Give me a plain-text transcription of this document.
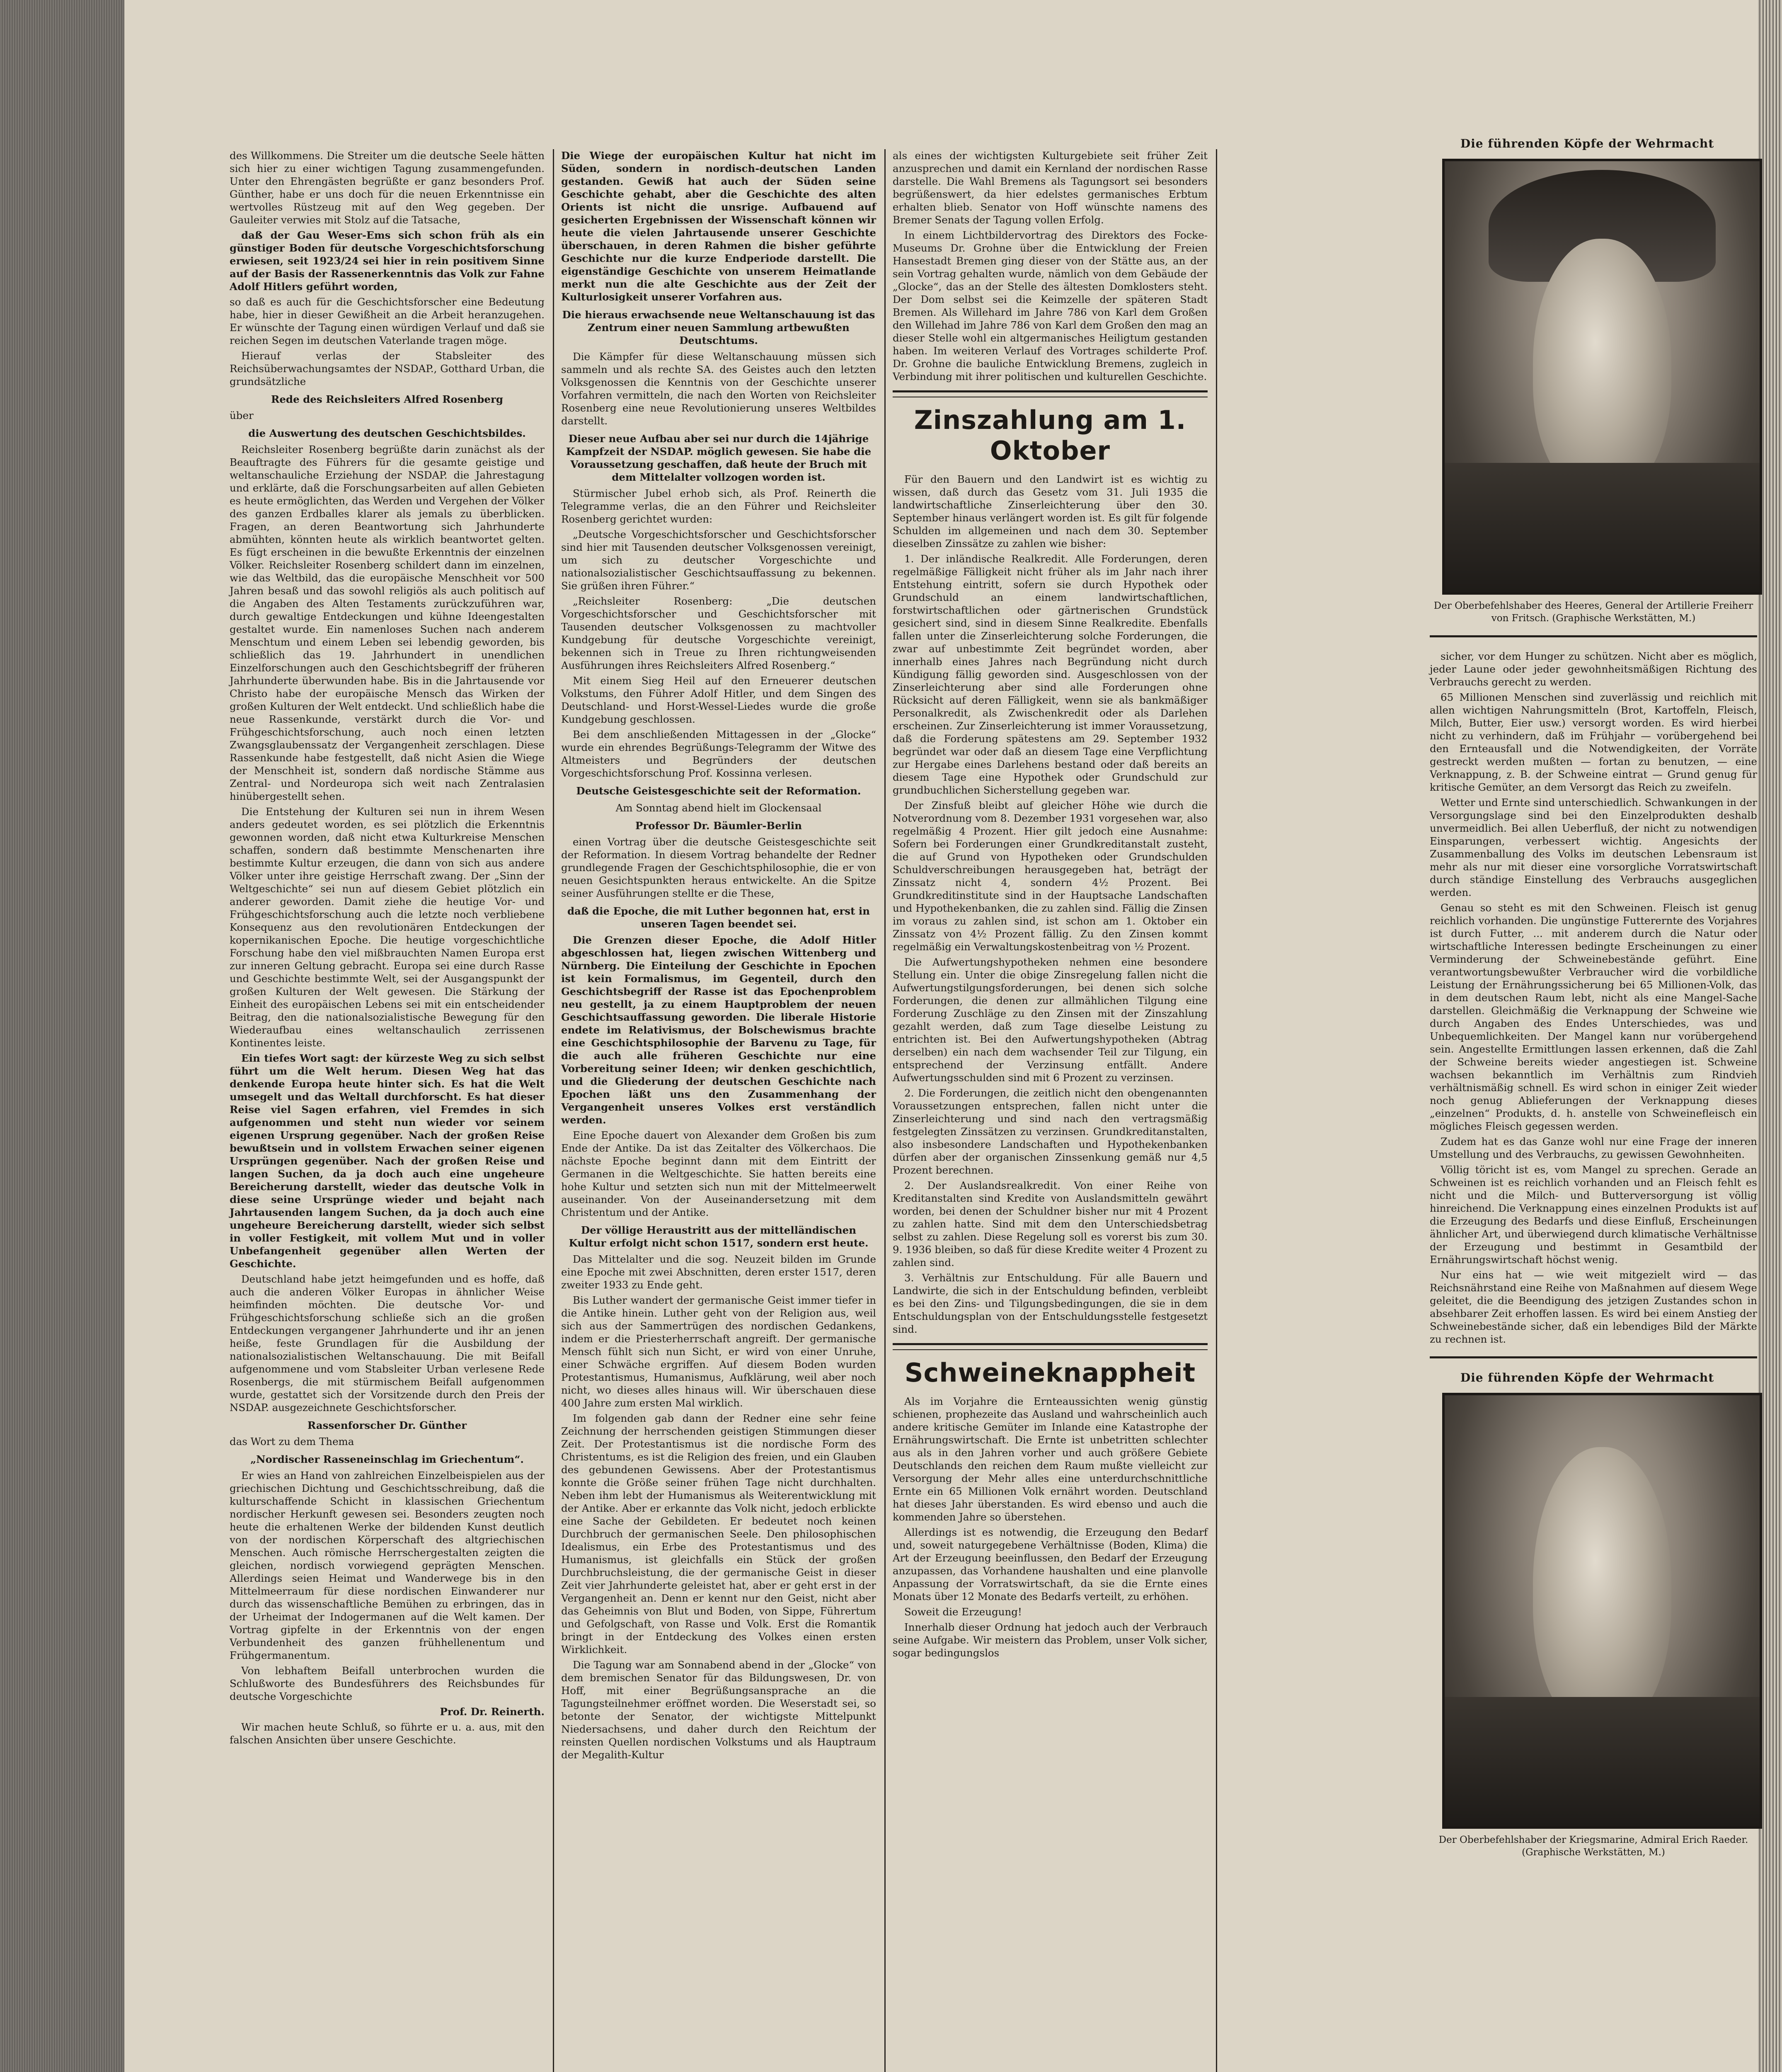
des Willkommens. Die Streiter um die deutsche Seele hätten sich hier zu einer wichtigen Tagung zusammengefunden. Unter den Ehrengästen begrüßte er ganz besonders Prof. Günther, habe er uns doch für die neuen Erkenntnisse ein wertvolles Rüstzeug mit auf den Weg gegeben. Der Gauleiter verwies mit Stolz auf die Tatsache,

daß der Gau Weser-Ems sich schon früh als ein günstiger Boden für deutsche Vorgeschichtsforschung erwiesen, seit 1923/24 sei hier in rein positivem Sinne auf der Basis der Rassenerkenntnis das Volk zur Fahne Adolf Hitlers geführt worden,

so daß es auch für die Geschichtsforscher eine Bedeutung habe, hier in dieser Gewißheit an die Arbeit heranzugehen. Er wünschte der Tagung einen würdigen Verlauf und daß sie reichen Segen im deutschen Vaterlande tragen möge.

Hierauf verlas der Stabsleiter des Reichsüberwachungsamtes der NSDAP., Gotthard Urban, die grundsätzliche

Rede des Reichsleiters Alfred Rosenberg

über

die Auswertung des deutschen Geschichtsbildes.

Reichsleiter Rosenberg begrüßte darin zunächst als der Beauftragte des Führers für die gesamte geistige und weltanschauliche Erziehung der NSDAP. die Jahrestagung und erklärte, daß die Forschungsarbeiten auf allen Gebieten es heute ermöglichten, das Werden und Vergehen der Völker des ganzen Erdballes klarer als jemals zu überblicken. Fragen, an deren Beantwortung sich Jahrhunderte abmühten, könnten heute als wirklich beantwortet gelten. Es fügt erscheinen in die bewußte Erkenntnis der einzelnen Völker. Reichsleiter Rosenberg schildert dann im einzelnen, wie das Weltbild, das die europäische Menschheit vor 500 Jahren besaß und das sowohl religiös als auch politisch auf die Angaben des Alten Testaments zurückzuführen war, durch gewaltige Entdeckungen und kühne Ideengestalten gestaltet wurde. Ein namenloses Suchen nach anderem Menschtum und einem Leben sei lebendig geworden, bis schließlich das 19. Jahrhundert in unendlichen Einzelforschungen auch den Geschichtsbegriff der früheren Jahrhunderte überwunden habe. Bis in die Jahrtausende vor Christo habe der europäische Mensch das Wirken der großen Kulturen der Welt entdeckt. Und schließlich habe die neue Rassenkunde, verstärkt durch die Vor- und Frühgeschichtsforschung, auch noch einen letzten Zwangsglaubenssatz der Vergangenheit zerschlagen. Diese Rassenkunde habe festgestellt, daß nicht Asien die Wiege der Menschheit ist, sondern daß nordische Stämme aus Zentral- und Nordeuropa sich weit nach Zentralasien hinübergestellt sehen.

Die Entstehung der Kulturen sei nun in ihrem Wesen anders gedeutet worden, es sei plötzlich die Erkenntnis gewonnen worden, daß nicht etwa Kulturkreise Menschen schaffen, sondern daß bestimmte Menschenarten ihre bestimmte Kultur erzeugen, die dann von sich aus andere Völker unter ihre geistige Herrschaft zwang. Der „Sinn der Weltgeschichte“ sei nun auf diesem Gebiet plötzlich ein anderer geworden. Damit ziehe die heutige Vor- und Frühgeschichtsforschung auch die letzte noch verbliebene Konsequenz aus den revolutionären Entdeckungen der kopernikanischen Epoche. Die heutige vorgeschichtliche Forschung habe den viel mißbrauchten Namen Europa erst zur inneren Geltung gebracht. Europa sei eine durch Rasse und Geschichte bestimmte Welt, sei der Ausgangspunkt der großen Kulturen der Welt gewesen. Die Stärkung der Einheit des europäischen Lebens sei mit ein entscheidender Beitrag, den die nationalsozialistische Bewegung für den Wiederaufbau eines weltanschaulich zerrissenen Kontinentes leiste.

Ein tiefes Wort sagt: der kürzeste Weg zu sich selbst führt um die Welt herum. Diesen Weg hat das denkende Europa heute hinter sich. Es hat die Welt umsegelt und das Weltall durchforscht. Es hat dieser Reise viel Sagen erfahren, viel Fremdes in sich aufgenommen und steht nun wieder vor seinem eigenen Ursprung gegenüber. Nach der großen Reise bewußtsein und in vollstem Erwachen seiner eigenen Ursprüngen gegenüber. Nach der großen Reise und langen Suchen, da ja doch auch eine ungeheure Bereicherung darstellt, wieder das deutsche Volk in diese seine Ursprünge wieder und bejaht nach Jahrtausenden langem Suchen, da ja doch auch eine ungeheure Bereicherung darstellt, wieder sich selbst in voller Festigkeit, mit vollem Mut und in voller Unbefangenheit gegenüber allen Werten der Geschichte.

Deutschland habe jetzt heimgefunden und es hoffe, daß auch die anderen Völker Europas in ähnlicher Weise heimfinden möchten. Die deutsche Vor- und Frühgeschichtsforschung schließe sich an die großen Entdeckungen vergangener Jahrhunderte und ihr an jenen heiße, feste Grundlagen für die Ausbildung der nationalsozialistischen Weltanschauung. Die mit Beifall aufgenommene und vom Stabsleiter Urban verlesene Rede Rosenbergs, die mit stürmischem Beifall aufgenommen wurde, gestattet sich der Vorsitzende durch den Preis der NSDAP. ausgezeichnete Geschichtsforscher.

Rassenforscher Dr. Günther

das Wort zu dem Thema

„Nordischer Rasseneinschlag im Griechentum“.

Er wies an Hand von zahlreichen Einzelbeispielen aus der griechischen Dichtung und Geschichtsschreibung, daß die kulturschaffende Schicht in klassischen Griechentum nordischer Herkunft gewesen sei. Besonders zeugten noch heute die erhaltenen Werke der bildenden Kunst deutlich von der nordischen Körperschaft des altgriechischen Menschen. Auch römische Herrschergestalten zeigten die gleichen, nordisch vorwiegend geprägten Menschen. Allerdings seien Heimat und Wanderwege bis in den Mittelmeerraum für diese nordischen Einwanderer nur durch das wissenschaftliche Bemühen zu erbringen, das in der Urheimat der Indogermanen auf die Welt kamen. Der Vortrag gipfelte in der Erkenntnis von der engen Verbundenheit des ganzen frühhellenentum und Frühgermanentum.

Von lebhaftem Beifall unterbrochen wurden die Schlußworte des Bundesführers des Reichsbundes für deutsche Vorgeschichte

Prof. Dr. Reinerth.

Wir machen heute Schluß, so führte er u. a. aus, mit den falschen Ansichten über unsere Geschichte.

Die Wiege der europäischen Kultur hat nicht im Süden, sondern in nordisch-deutschen Landen gestanden. Gewiß hat auch der Süden seine Geschichte gehabt, aber die Geschichte des alten Orients ist nicht die unsrige. Aufbauend auf gesicherten Ergebnissen der Wissenschaft können wir heute die vielen Jahrtausende unserer Geschichte überschauen, in deren Rahmen die bisher geführte Geschichte nur die kurze Endperiode darstellt. Die eigenständige Geschichte von unserem Heimatlande merkt nun die alte Geschichte aus der Zeit der Kulturlosigkeit unserer Vorfahren aus.

Die hieraus erwachsende neue Weltanschauung ist das Zentrum einer neuen Sammlung artbewußten Deutschtums.

Die Kämpfer für diese Weltanschauung müssen sich sammeln und als rechte SA. des Geistes auch den letzten Volksgenossen die Kenntnis von der Geschichte unserer Vorfahren vermitteln, die nach den Worten von Reichsleiter Rosenberg eine neue Revolutionierung unseres Weltbildes darstellt.

Dieser neue Aufbau aber sei nur durch die 14jährige Kampfzeit der NSDAP. möglich gewesen. Sie habe die Voraussetzung geschaffen, daß heute der Bruch mit dem Mittelalter vollzogen worden ist.

Stürmischer Jubel erhob sich, als Prof. Reinerth die Telegramme verlas, die an den Führer und Reichsleiter Rosenberg gerichtet wurden:

„Deutsche Vorgeschichtsforscher und Geschichtsforscher sind hier mit Tausenden deutscher Volksgenossen vereinigt, um sich zu deutscher Vorgeschichte und nationalsozialistischer Geschichtsauffassung zu bekennen. Sie grüßen ihren Führer.“

„Reichsleiter Rosenberg: „Die deutschen Vorgeschichtsforscher und Geschichtsforscher mit Tausenden deutscher Volksgenossen zu machtvoller Kundgebung für deutsche Vorgeschichte vereinigt, bekennen sich in Treue zu Ihren richtungweisenden Ausführungen ihres Reichsleiters Alfred Rosenberg.“

Mit einem Sieg Heil auf den Erneuerer deutschen Volkstums, den Führer Adolf Hitler, und dem Singen des Deutschland- und Horst-Wessel-Liedes wurde die große Kundgebung geschlossen.

Bei dem anschließenden Mittagessen in der „Glocke“ wurde ein ehrendes Begrüßungs-Telegramm der Witwe des Altmeisters und Begründers der deutschen Vorgeschichtsforschung Prof. Kossinna verlesen.

Deutsche Geistesgeschichte seit der Reformation.

Am Sonntag abend hielt im Glockensaal

Professor Dr. Bäumler-Berlin

einen Vortrag über die deutsche Geistesgeschichte seit der Reformation. In diesem Vortrag behandelte der Redner grundlegende Fragen der Geschichtsphilosophie, die er von neuen Gesichtspunkten heraus entwickelte. An die Spitze seiner Ausführungen stellte er die These,

daß die Epoche, die mit Luther begonnen hat, erst in unseren Tagen beendet sei.

Die Grenzen dieser Epoche, die Adolf Hitler abgeschlossen hat, liegen zwischen Wittenberg und Nürnberg. Die Einteilung der Geschichte in Epochen ist kein Formalismus, im Gegenteil, durch den Geschichtsbegriff der Rasse ist das Epochenproblem neu gestellt, ja zu einem Hauptproblem der neuen Geschichtsauffassung geworden. Die liberale Historie endete im Relativismus, der Bolschewismus brachte eine Geschichtsphilosophie der Barvenu zu Tage, für die auch alle früheren Geschichte nur eine Vorbereitung seiner Ideen; wir denken geschichtlich, und die Gliederung der deutschen Geschichte nach Epochen läßt uns den Zusammenhang der Vergangenheit unseres Volkes erst verständlich werden.

Eine Epoche dauert von Alexander dem Großen bis zum Ende der Antike. Da ist das Zeitalter des Völkerchaos. Die nächste Epoche beginnt dann mit dem Eintritt der Germanen in die Weltgeschichte. Sie hatten bereits eine hohe Kultur und setzten sich nun mit der Mittelmeerwelt auseinander. Von der Auseinandersetzung mit dem Christentum und der Antike.

Der völlige Heraustritt aus der mittelländischen Kultur erfolgt nicht schon 1517, sondern erst heute.

Das Mittelalter und die sog. Neuzeit bilden im Grunde eine Epoche mit zwei Abschnitten, deren erster 1517, deren zweiter 1933 zu Ende geht.

Bis Luther wandert der germanische Geist immer tiefer in die Antike hinein. Luther geht von der Religion aus, weil sich aus der Sammertrügen des nordischen Gedankens, indem er die Priesterherrschaft angreift. Der germanische Mensch fühlt sich nun Sicht, er wird von einer Unruhe, einer Schwäche ergriffen. Auf diesem Boden wurden Protestantismus, Humanismus, Aufklärung, weil aber noch nicht, wo dieses alles hinaus will. Wir überschauen diese 400 Jahre zum ersten Mal wirklich.

Im folgenden gab dann der Redner eine sehr feine Zeichnung der herrschenden geistigen Stimmungen dieser Zeit. Der Protestantismus ist die nordische Form des Christentums, es ist die Religion des freien, und ein Glauben des gebundenen Gewissens. Aber der Protestantismus konnte die Größe seiner frühen Tage nicht durchhalten. Neben ihm lebt der Humanismus als Weiterentwicklung mit der Antike. Aber er erkannte das Volk nicht, jedoch erblickte eine Sache der Gebildeten. Er bedeutet noch keinen Durchbruch der germanischen Seele. Den philosophischen Idealismus, ein Erbe des Protestantismus und des Humanismus, ist gleichfalls ein Stück der großen Durchbruchsleistung, die der germanische Geist in dieser Zeit vier Jahrhunderte geleistet hat, aber er geht erst in der Vergangenheit an. Denn er kennt nur den Geist, nicht aber das Geheimnis von Blut und Boden, von Sippe, Führertum und Gefolgschaft, von Rasse und Volk. Erst die Romantik bringt in der Entdeckung des Volkes einen ersten Wirklichkeit.

Die Tagung war am Sonnabend abend in der „Glocke“ von dem bremischen Senator für das Bildungswesen, Dr. von Hoff, mit einer Begrüßungsansprache an die Tagungsteilnehmer eröffnet worden. Die Weserstadt sei, so betonte der Senator, der wichtigste Mittelpunkt Niedersachsens, und daher durch den Reichtum der reinsten Quellen nordischen Volkstums und als Hauptraum der Megalith-Kultur

als eines der wichtigsten Kulturgebiete seit früher Zeit anzusprechen und damit ein Kernland der nordischen Rasse darstelle. Die Wahl Bremens als Tagungsort sei besonders begrüßenswert, da hier edelstes germanisches Erbtum erhalten blieb. Senator von Hoff wünschte namens des Bremer Senats der Tagung vollen Erfolg.

In einem Lichtbildervortrag des Direktors des Focke-Museums Dr. Grohne über die Entwicklung der Freien Hansestadt Bremen ging dieser von der Stätte aus, an der sein Vortrag gehalten wurde, nämlich von dem Gebäude der „Glocke“, das an der Stelle des ältesten Domklosters steht. Der Dom selbst sei die Keimzelle der späteren Stadt Bremen. Als Willehard im Jahre 786 von Karl dem Großen den Willehad im Jahre 786 von Karl dem Großen den mag an dieser Stelle wohl ein altgermanisches Heiligtum gestanden haben. Im weiteren Verlauf des Vortrages schilderte Prof. Dr. Grohne die bauliche Entwicklung Bremens, zugleich in Verbindung mit ihrer politischen und kulturellen Geschichte.

Zinszahlung am 1. Oktober

Für den Bauern und den Landwirt ist es wichtig zu wissen, daß durch das Gesetz vom 31. Juli 1935 die landwirtschaftliche Zinserleichterung über den 30. September hinaus verlängert worden ist. Es gilt für folgende Schulden im allgemeinen und nach dem 30. September dieselben Zinssätze zu zahlen wie bisher:

1. Der inländische Realkredit. Alle Forderungen, deren regelmäßige Fälligkeit nicht früher als im Jahr nach ihrer Entstehung eintritt, sofern sie durch Hypothek oder Grundschuld an einem landwirtschaftlichen, forstwirtschaftlichen oder gärtnerischen Grundstück gesichert sind, sind in diesem Sinne Realkredite. Ebenfalls fallen unter die Zinserleichterung solche Forderungen, die zwar auf unbestimmte Zeit begründet worden, aber innerhalb eines Jahres nach Begründung nicht durch Kündigung fällig geworden sind. Ausgeschlossen von der Zinserleichterung aber sind alle Forderungen ohne Rücksicht auf deren Fälligkeit, wenn sie als bankmäßiger Personalkredit, als Zwischenkredit oder als Darlehen erscheinen. Zur Zinserleichterung ist immer Voraussetzung, daß die Forderung spätestens am 29. September 1932 begründet war oder daß an diesem Tage eine Verpflichtung zur Hergabe eines Darlehens bestand oder daß bereits an diesem Tage eine Hypothek oder Grundschuld zur grundbuchlichen Sicherstellung gegeben war.

Der Zinsfuß bleibt auf gleicher Höhe wie durch die Notverordnung vom 8. Dezember 1931 vorgesehen war, also regelmäßig 4 Prozent. Hier gilt jedoch eine Ausnahme: Sofern bei Forderungen einer Grundkreditanstalt zusteht, die auf Grund von Hypotheken oder Grundschulden Schuldverschreibungen herausgegeben hat, beträgt der Zinssatz nicht 4, sondern 4½ Prozent. Bei Grundkreditinstitute sind in der Hauptsache Landschaften und Hypothekenbanken, die zu zahlen sind. Fällig die Zinsen im voraus zu zahlen sind, ist schon am 1. Oktober ein Zinssatz von 4½ Prozent fällig. Zu den Zinsen kommt regelmäßig ein Verwaltungskostenbeitrag von ½ Prozent.

Die Aufwertungshypotheken nehmen eine besondere Stellung ein. Unter die obige Zinsregelung fallen nicht die Aufwertungstilgungsforderungen, bei denen sich solche Forderungen, die denen zur allmählichen Tilgung eine Forderung Zuschläge zu den Zinsen mit der Zinszahlung gezahlt werden, daß zum Tage dieselbe Leistung zu entrichten ist. Bei den Aufwertungshypotheken (Abtrag derselben) ein nach dem wachsender Teil zur Tilgung, ein entsprechend der Verzinsung entfällt. Andere Aufwertungsschulden sind mit 6 Prozent zu verzinsen.

2. Die Forderungen, die zeitlich nicht den obengenannten Voraussetzungen entsprechen, fallen nicht unter die Zinserleichterung und sind nach den vertragsmäßig festgelegten Zinssätzen zu verzinsen. Grundkreditanstalten, also insbesondere Landschaften und Hypothekenbanken dürfen aber der organischen Zinssenkung gemäß nur 4,5 Prozent berechnen.

2. Der Auslandsrealkredit. Von einer Reihe von Kreditanstalten sind Kredite von Auslandsmitteln gewährt worden, bei denen der Schuldner bisher nur mit 4 Prozent zu zahlen hatte. Sind mit dem den Unterschiedsbetrag selbst zu zahlen. Diese Regelung soll es vorerst bis zum 30. 9. 1936 bleiben, so daß für diese Kredite weiter 4 Prozent zu zahlen sind.

3. Verhältnis zur Entschuldung. Für alle Bauern und Landwirte, die sich in der Entschuldung befinden, verbleibt es bei den Zins- und Tilgungsbedingungen, die sie in dem Entschuldungsplan von der Entschuldungsstelle festgesetzt sind.

Schweineknappheit

Als im Vorjahre die Ernteaussichten wenig günstig schienen, prophezeite das Ausland und wahrscheinlich auch andere kritische Gemüter im Inlande eine Katastrophe der Ernährungswirtschaft. Die Ernte ist unbetritten schlechter aus als in den Jahren vorher und auch größere Gebiete Deutschlands den reichen dem Raum mußte vielleicht zur Versorgung der Mehr alles eine unterdurchschnittliche Ernte ein 65 Millionen Volk ernährt worden. Deutschland hat dieses Jahr überstanden. Es wird ebenso und auch die kommenden Jahre so überstehen.

Allerdings ist es notwendig, die Erzeugung den Bedarf und, soweit naturgegebene Verhältnisse (Boden, Klima) die Art der Erzeugung beeinflussen, den Bedarf der Erzeugung anzupassen, das Vorhandene haushalten und eine planvolle Anpassung der Vorratswirtschaft, da sie die Ernte eines Monats über 12 Monate des Bedarfs verteilt, zu erhöhen.

Soweit die Erzeugung!

Innerhalb dieser Ordnung hat jedoch auch der Verbrauch seine Aufgabe. Wir meistern das Problem, unser Volk sicher, sogar bedingungslos

Die führenden Köpfe der Wehrmacht
Der Oberbefehlshaber des Heeres, General der Artillerie Freiherr von Fritsch. (Graphische Werkstätten, M.)

sicher, vor dem Hunger zu schützen. Nicht aber es möglich, jeder Laune oder jeder gewohnheitsmäßigen Richtung des Verbrauchs gerecht zu werden.

65 Millionen Menschen sind zuverlässig und reichlich mit allen wichtigen Nahrungsmitteln (Brot, Kartoffeln, Fleisch, Milch, Butter, Eier usw.) versorgt worden. Es wird hierbei nicht zu verhindern, daß im Frühjahr — vorübergehend bei den Ernteausfall und die Notwendigkeiten, der Vorräte gestreckt werden mußten — fortan zu benutzen, — eine Verknappung, z. B. der Schweine eintrat — Grund genug für kritische Gemüter, an dem Versorgt das Reich zu zweifeln.

Wetter und Ernte sind unterschiedlich. Schwankungen in der Versorgungslage sind bei den Einzelprodukten deshalb unvermeidlich. Bei allen Ueberfluß, der nicht zu notwendigen Einsparungen, verbessert wichtig. Angesichts der Zusammenballung des Volks im deutschen Lebensraum ist mehr als nur mit dieser eine vorsorgliche Vorratswirtschaft durch ständige Einstellung des Verbrauchs ausgeglichen werden.

Genau so steht es mit den Schweinen. Fleisch ist genug reichlich vorhanden. Die ungünstige Futterernte des Vorjahres ist durch Futter, ... mit anderem durch die Natur oder wirtschaftliche Interessen bedingte Erscheinungen zu einer Verminderung der Schweinebestände geführt. Eine verantwortungsbewußter Verbraucher wird die vorbildliche Leistung der Ernährungssicherung bei 65 Millionen-Volk, das in dem deutschen Raum lebt, nicht als eine Mangel-Sache darstellen. Gleichmäßig die Verknappung der Schweine wie durch Angaben des Endes Unterschiedes, was und Unbequemlichkeiten. Der Mangel kann nur vorübergehend sein. Angestellte Ermittlungen lassen erkennen, daß die Zahl der Schweine bereits wieder angestiegen ist. Schweine wachsen bekanntlich im Verhältnis zum Rindvieh verhältnismäßig schnell. Es wird schon in einiger Zeit wieder noch genug Ablieferungen der Verknappung dieses „einzelnen“ Produkts, d. h. anstelle von Schweinefleisch ein mögliches Fleisch gegessen werden.

Zudem hat es das Ganze wohl nur eine Frage der inneren Umstellung und des Verbrauchs, zu gewissen Gewohnheiten.

Völlig töricht ist es, vom Mangel zu sprechen. Gerade an Schweinen ist es reichlich vorhanden und an Fleisch fehlt es nicht und die Milch- und Butterversorgung ist völlig hinreichend. Die Verknappung eines einzelnen Produkts ist auf die Erzeugung des Bedarfs und diese Einfluß, Erscheinungen ähnlicher Art, und überwiegend durch klimatische Verhältnisse der Erzeugung und bestimmt in Gesamtbild der Ernährungswirtschaft höchst wenig.

Nur eins hat — wie weit mitgezielt wird — das Reichsnährstand eine Reihe von Maßnahmen auf diesem Wege geleitet, die die Beendigung des jetzigen Zustandes schon in absehbarer Zeit erhoffen lassen. Es wird bei einem Anstieg der Schweinebestände sicher, daß ein lebendiges Bild der Märkte zu rechnen ist.

Die führenden Köpfe der Wehrmacht
Der Oberbefehlshaber der Kriegsmarine, Admiral Erich Raeder. (Graphische Werkstätten, M.)
